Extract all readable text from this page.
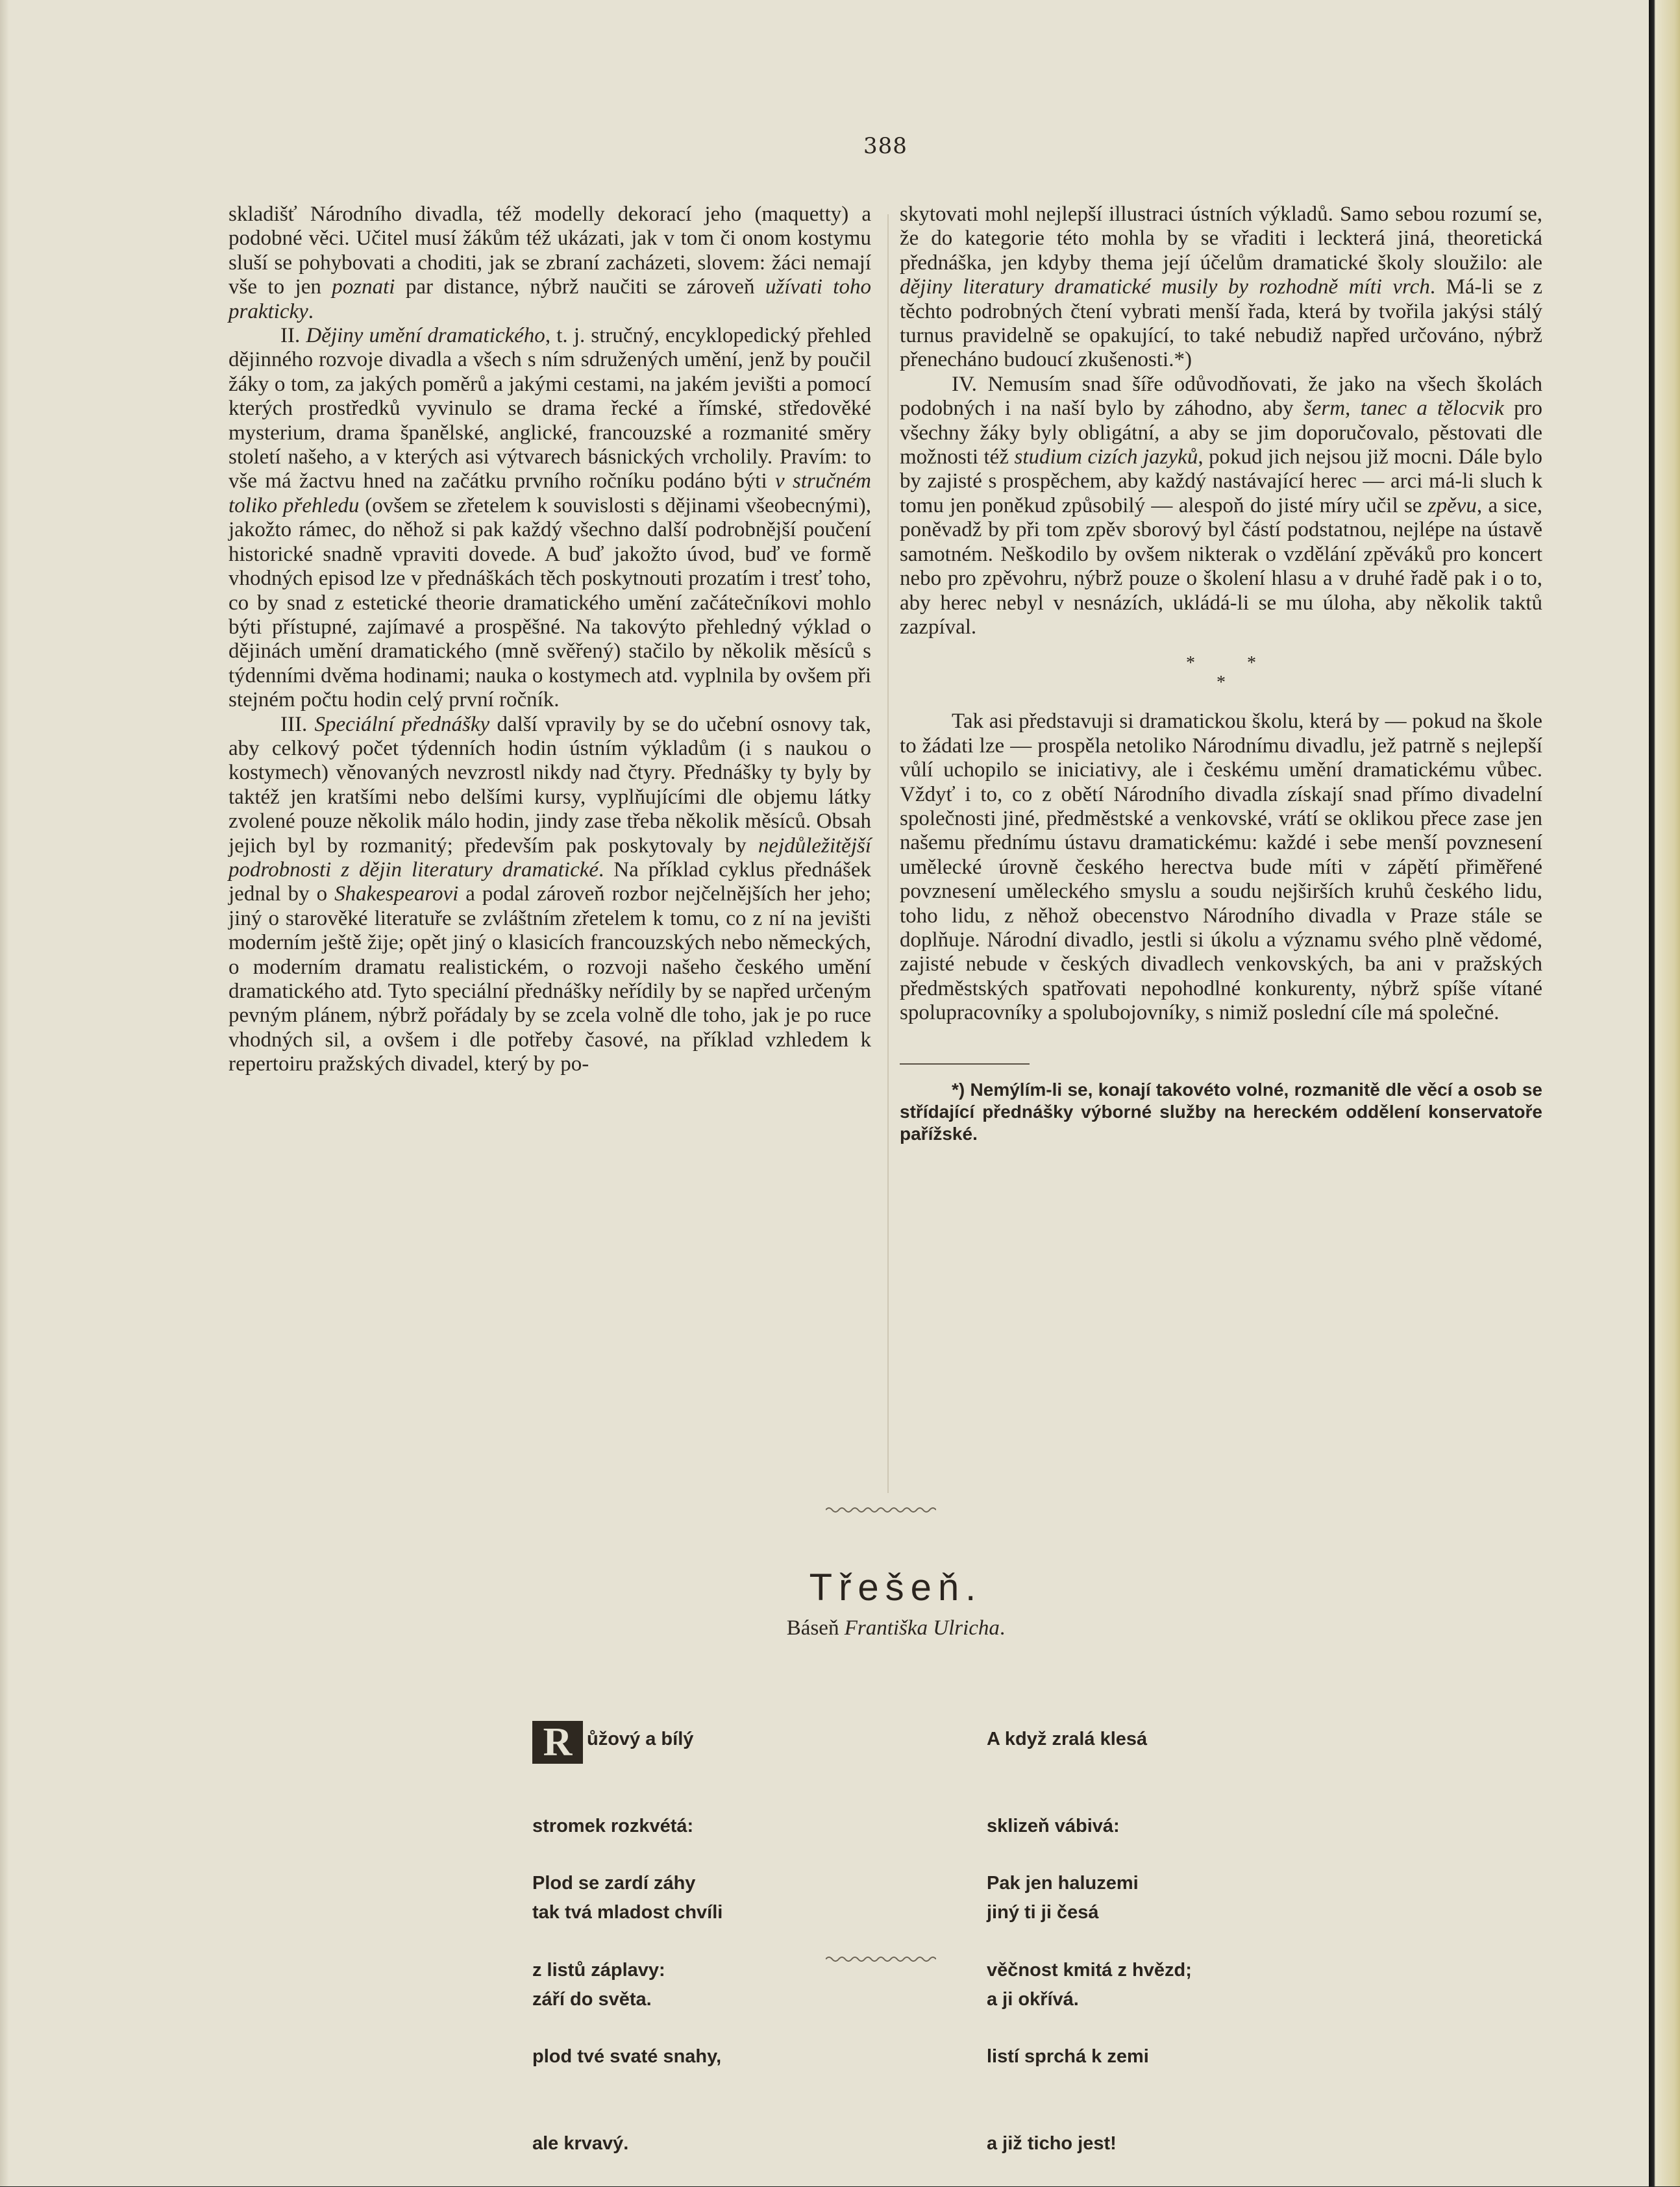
388

skladišť Národního divadla, též modelly dekorací jeho (maquetty) a podobné věci. Učitel musí žákům též ukázati, jak v tom či onom kostymu sluší se pohybovati a choditi, jak se zbraní zacházeti, slovem: žáci nemají vše to jen poznati par distance, nýbrž naučiti se zároveň užívati toho prakticky.

II. Dějiny umění dramatického, t. j. stručný, encyklopedický přehled dějinného rozvoje divadla a všech s ním sdružených umění, jenž by poučil žáky o tom, za jakých poměrů a jakými cestami, na jakém jevišti a pomocí kterých prostředků vyvinulo se drama řecké a římské, středověké mysterium, drama španělské, anglické, francouzské a rozmanité směry století našeho, a v kterých asi výtvarech básnických vrcholily. Pravím: to vše má žactvu hned na začátku prvního ročníku podáno býti v stručném toliko přehledu (ovšem se zřetelem k souvislosti s dějinami všeobecnými), jakožto rámec, do něhož si pak každý všechno další podrobnější poučení historické snadně vpraviti dovede. A buď jakožto úvod, buď ve formě vhodných episod lze v přednáškách těch poskytnouti prozatím i tresť toho, co by snad z estetické theorie dramatického umění začátečníkovi mohlo býti přístupné, zajímavé a prospěšné. Na takovýto přehledný výklad o dějinách umění dramatického (mně svěřený) stačilo by několik měsíců s týdenními dvěma hodinami; nauka o kostymech atd. vyplnila by ovšem při stejném počtu hodin celý první ročník.

III. Speciální přednášky další vpravily by se do učební osnovy tak, aby celkový počet týdenních hodin ústním výkladům (i s naukou o kostymech) věnovaných nevzrostl nikdy nad čtyry. Přednášky ty byly by taktéž jen kratšími nebo delšími kursy, vyplňujícími dle objemu látky zvolené pouze několik málo hodin, jindy zase třeba několik měsíců. Obsah jejich byl by rozmanitý; především pak poskytovaly by nejdůležitější podrobnosti z dějin literatury dramatické. Na příklad cyklus přednášek jednal by o Shakespearovi a podal zároveň rozbor nejčelnějších her jeho; jiný o starověké literatuře se zvláštním zřetelem k tomu, co z ní na jevišti moderním ještě žije; opět jiný o klasicích francouzských nebo německých, o moderním dramatu realistickém, o rozvoji našeho českého umění dramatického atd. Tyto speciální přednášky neřídily by se napřed určeným pevným plánem, nýbrž pořádaly by se zcela volně dle toho, jak je po ruce vhodných sil, a ovšem i dle potřeby časové, na příklad vzhledem k repertoiru pražských divadel, který by po-

skytovati mohl nejlepší illustraci ústních výkladů. Samo sebou rozumí se, že do kategorie této mohla by se vřaditi i leckterá jiná, theoretická přednáška, jen kdyby thema její účelům dramatické školy sloužilo: ale dějiny literatury dramatické musily by rozhodně míti vrch. Má-li se z těchto podrobných čtení vybrati menší řada, která by tvořila jakýsi stálý turnus pravidelně se opakující, to také nebudiž napřed určováno, nýbrž přenecháno budoucí zkušenosti.*)

IV. Nemusím snad šíře odůvodňovati, že jako na všech školách podobných i na naší bylo by záhodno, aby šerm, tanec a tělocvik pro všechny žáky byly obligátní, a aby se jim doporučovalo, pěstovati dle možnosti též studium cizích jazyků, pokud jich nejsou již mocni. Dále bylo by zajisté s prospěchem, aby každý nastávající herec — arci má-li sluch k tomu jen poněkud způsobilý — alespoň do jisté míry učil se zpěvu, a sice, poněvadž by při tom zpěv sborový byl částí podstatnou, nejlépe na ústavě samotném. Neškodilo by ovšem nikterak o vzdělání zpěváků pro koncert nebo pro zpěvohru, nýbrž pouze o školení hlasu a v druhé řadě pak i o to, aby herec nebyl v nesnázích, ukládá-li se mu úloha, aby několik taktů zazpíval.

*	*
*

Tak asi představuji si dramatickou školu, která by — pokud na škole to žádati lze — prospěla netoliko Národnímu divadlu, jež patrně s nejlepší vůlí uchopilo se iniciativy, ale i českému umění dramatickému vůbec. Vždyť i to, co z obětí Národního divadla získají snad přímo divadelní společnosti jiné, předměstské a venkovské, vrátí se oklikou přece zase jen našemu přednímu ústavu dramatickému: každé i sebe menší povznesení umělecké úrovně českého herectva bude míti v zápětí přiměřené povznesení uměleckého smyslu a soudu nejširších kruhů českého lidu, toho lidu, z něhož obecenstvo Národního divadla v Praze stále se doplňuje. Národní divadlo, jestli si úkolu a významu svého plně vědomé, zajisté nebude v českých divadlech venkovských, ba ani v pražských předměstských spatřovati nepohodlné konkurenty, nýbrž spíše vítané spolupracovníky a spolubojovníky, s nimiž poslední cíle má společné.

*) Nemýlím-li se, konají takovéto volné, rozmanitě dle věcí a osob se střídající přednášky výborné služby na hereckém oddělení konservatoře pařížské.

Třešeň.
Báseň Františka Ulricha.

R ůžový a bílý

stromek rozkvétá:

tak tvá mladost chvíli

září do světa.

Plod se zardí záhy

z listů záplavy:

plod tvé svaté snahy,

ale krvavý.

A když zralá klesá

sklizeň vábivá:

jiný ti ji česá

a ji okřívá.

Pak jen haluzemi

věčnost kmitá z hvězd;

listí sprchá k zemi

a již ticho jest!
